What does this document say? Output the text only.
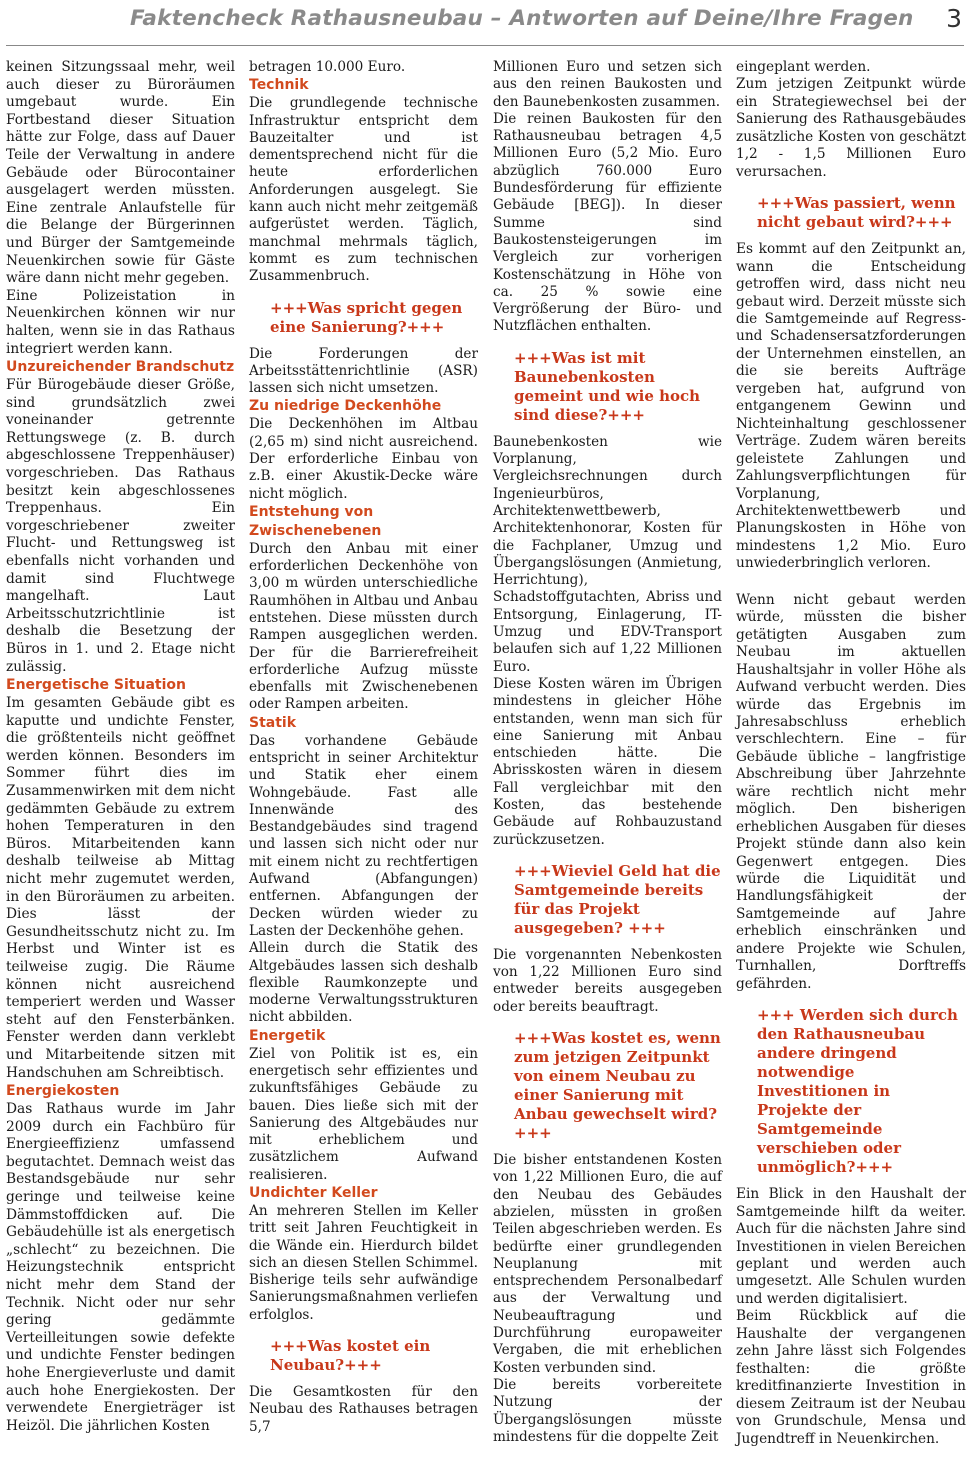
Faktencheck Rathausneubau – Antworten auf Deine/Ihre Fragen 3

keinen Sitzungssaal mehr, weil auch dieser zu Büroräumen umgebaut wurde. Ein Fortbestand dieser Situation hätte zur Folge, dass auf Dauer Teile der Verwaltung in andere Gebäude oder Bürocontainer ausgelagert werden müssten. Eine zentrale Anlaufstelle für die Belange der Bürgerinnen und Bürger der Samtgemeinde Neuenkirchen sowie für Gäste wäre dann nicht mehr gegeben.

Eine Polizeistation in Neuenkirchen können wir nur halten, wenn sie in das Rathaus integriert werden kann.

Unzureichender Brandschutz

Für Bürogebäude dieser Größe, sind grundsätzlich zwei voneinander getrennte Rettungswege (z. B. durch abgeschlossene Treppenhäuser) vorgeschrieben. Das Rathaus besitzt kein abgeschlossenes Treppenhaus. Ein vorgeschriebener zweiter Flucht- und Rettungsweg ist ebenfalls nicht vorhanden und damit sind Fluchtwege mangelhaft. Laut Arbeitsschutzrichtlinie ist deshalb die Besetzung der Büros in 1. und 2. Etage nicht zulässig.

Energetische Situation

Im gesamten Gebäude gibt es kaputte und undichte Fenster, die größtenteils nicht geöffnet werden können. Besonders im Sommer führt dies im Zusammenwirken mit dem nicht gedämmten Gebäude zu extrem hohen Temperaturen in den Büros. Mitarbeitenden kann deshalb teilweise ab Mittag nicht mehr zugemutet werden, in den Büroräumen zu arbeiten. Dies lässt der Gesundheitsschutz nicht zu. Im Herbst und Winter ist es teilweise zugig. Die Räume können nicht ausreichend temperiert werden und Wasser steht auf den Fensterbänken. Fenster werden dann verklebt und Mitarbeitende sitzen mit Handschuhen am Schreibtisch.

Energiekosten

Das Rathaus wurde im Jahr 2009 durch ein Fachbüro für Energieeffizienz umfassend begutachtet. Demnach weist das Bestandsgebäude nur sehr geringe und teilweise keine Dämmstoffdicken auf. Die Gebäudehülle ist als energetisch „schlecht“ zu bezeichnen. Die Heizungstechnik entspricht nicht mehr dem Stand der Technik. Nicht oder nur sehr gering gedämmte Verteilleitungen sowie defekte und undichte Fenster bedingen hohe Energieverluste und damit auch hohe Energiekosten. Der verwendete Energieträger ist Heizöl. Die jährlichen Kosten

betragen 10.000 Euro.

Technik

Die grundlegende technische Infrastruktur entspricht dem Bauzeitalter und ist dementsprechend nicht für die heute erforderlichen Anforderungen ausgelegt. Sie kann auch nicht mehr zeitgemäß aufgerüstet werden. Täglich, manchmal mehrmals täglich, kommt es zum technischen Zusammenbruch.

+++Was spricht gegen eine Sanierung?+++

Die Forderungen der Arbeitsstättenrichtlinie (ASR) lassen sich nicht umsetzen.

Zu niedrige Deckenhöhe

Die Deckenhöhen im Altbau (2,65 m) sind nicht ausreichend. Der erforderliche Einbau von z.B. einer Akustik-Decke wäre nicht möglich.

Entstehung von Zwischenebenen

Durch den Anbau mit einer erforderlichen Deckenhöhe von 3,00 m würden unterschiedliche Raumhöhen in Altbau und Anbau entstehen. Diese müssten durch Rampen ausgeglichen werden. Der für die Barrierefreiheit erforderliche Aufzug müsste ebenfalls mit Zwischenebenen oder Rampen arbeiten.

Statik

Das vorhandene Gebäude entspricht in seiner Architektur und Statik eher einem Wohngebäude. Fast alle Innenwände des Bestandgebäudes sind tragend und lassen sich nicht oder nur mit einem nicht zu rechtfertigen Aufwand (Abfangungen) entfernen. Abfangungen der Decken würden wieder zu Lasten der Deckenhöhe gehen.

Allein durch die Statik des Altgebäudes lassen sich deshalb flexible Raumkonzepte und moderne Verwaltungsstrukturen nicht abbilden.

Energetik

Ziel von Politik ist es, ein energetisch sehr effizientes und zukunftsfähiges Gebäude zu bauen. Dies ließe sich mit der Sanierung des Altgebäudes nur mit erheblichem und zusätzlichem Aufwand realisieren.

Undichter Keller

An mehreren Stellen im Keller tritt seit Jahren Feuchtigkeit in die Wände ein. Hierdurch bildet sich an diesen Stellen Schimmel. Bisherige teils sehr aufwändige Sanierungsmaßnahmen verliefen erfolglos.

+++Was kostet ein Neubau?+++

Die Gesamtkosten für den Neubau des Rathauses betragen 5,7

Millionen Euro und setzen sich aus den reinen Baukosten und den Baunebenkosten zusammen.

Die reinen Baukosten für den Rathausneubau betragen 4,5 Millionen Euro (5,2 Mio. Euro abzüglich 760.000 Euro Bundesförderung für effiziente Gebäude [BEG]). In dieser Summe sind Baukostensteigerungen im Vergleich zur vorherigen Kostenschätzung in Höhe von ca. 25 % sowie eine Vergrößerung der Büro- und Nutzflächen enthalten.

+++Was ist mit Baunebenkosten gemeint und wie hoch sind diese?+++

Baunebenkosten wie Vorplanung, Vergleichsrechnungen durch Ingenieurbüros, Architektenwettbewerb, Architektenhonorar, Kosten für die Fachplaner, Umzug und Übergangslösungen (Anmietung, Herrichtung), Schadstoffgutachten, Abriss und Entsorgung, Einlagerung, IT-Umzug und EDV-Transport belaufen sich auf 1,22 Millionen Euro.

Diese Kosten wären im Übrigen mindestens in gleicher Höhe entstanden, wenn man sich für eine Sanierung mit Anbau entschieden hätte. Die Abrisskosten wären in diesem Fall vergleichbar mit den Kosten, das bestehende Gebäude auf Rohbauzustand zurückzusetzen.

+++Wieviel Geld hat die Samtgemeinde bereits für das Projekt ausgegeben? +++

Die vorgenannten Nebenkosten von 1,22 Millionen Euro sind entweder bereits ausgegeben oder bereits beauftragt.

+++Was kostet es, wenn zum jetzigen Zeitpunkt von einem Neubau zu einer Sanierung mit Anbau gewechselt wird?+++

Die bisher entstandenen Kosten von 1,22 Millionen Euro, die auf den Neubau des Gebäudes abzielen, müssten in großen Teilen abgeschrieben werden. Es bedürfte einer grundlegenden Neuplanung mit entsprechendem Personalbedarf aus der Verwaltung und Neubeauftragung und Durchführung europaweiter Vergaben, die mit erheblichen Kosten verbunden sind.

Die bereits vorbereitete Nutzung der Übergangslösungen müsste mindestens für die doppelte Zeit

eingeplant werden.

Zum jetzigen Zeitpunkt würde ein Strategiewechsel bei der Sanierung des Rathausgebäudes zusätzliche Kosten von geschätzt 1,2 - 1,5 Millionen Euro verursachen.

+++Was passiert, wenn nicht gebaut wird?+++

Es kommt auf den Zeitpunkt an, wann die Entscheidung getroffen wird, dass nicht neu gebaut wird. Derzeit müsste sich die Samtgemeinde auf Regress- und Schadensersatzforderungen der Unternehmen einstellen, an die sie bereits Aufträge vergeben hat, aufgrund von entgangenem Gewinn und Nichteinhaltung geschlossener Verträge. Zudem wären bereits geleistete Zahlungen und Zahlungsverpflichtungen für Vorplanung, Architektenwettbewerb und Planungskosten in Höhe von mindestens 1,2 Mio. Euro unwiederbringlich verloren.

Wenn nicht gebaut werden würde, müssten die bisher getätigten Ausgaben zum Neubau im aktuellen Haushaltsjahr in voller Höhe als Aufwand verbucht werden. Dies würde das Ergebnis im Jahresabschluss erheblich verschlechtern. Eine – für Gebäude übliche – langfristige Abschreibung über Jahrzehnte wäre rechtlich nicht mehr möglich. Den bisherigen erheblichen Ausgaben für dieses Projekt stünde dann also kein Gegenwert entgegen. Dies würde die Liquidität und Handlungsfähigkeit der Samtgemeinde auf Jahre erheblich einschränken und andere Projekte wie Schulen, Turnhallen, Dorftreffs gefährden.

+++ Werden sich durch den Rathausneubau andere dringend notwendige Investitionen in Projekte der Samtgemeinde verschieben oder unmöglich?+++

Ein Blick in den Haushalt der Samtgemeinde hilft da weiter. Auch für die nächsten Jahre sind Investitionen in vielen Bereichen geplant und werden auch umgesetzt. Alle Schulen wurden und werden digitalisiert.

Beim Rückblick auf die Haushalte der vergangenen zehn Jahre lässt sich Folgendes festhalten: die größte kreditfinanzierte Investition in diesem Zeitraum ist der Neubau von Grundschule, Mensa und Jugendtreff in Neuenkirchen.
